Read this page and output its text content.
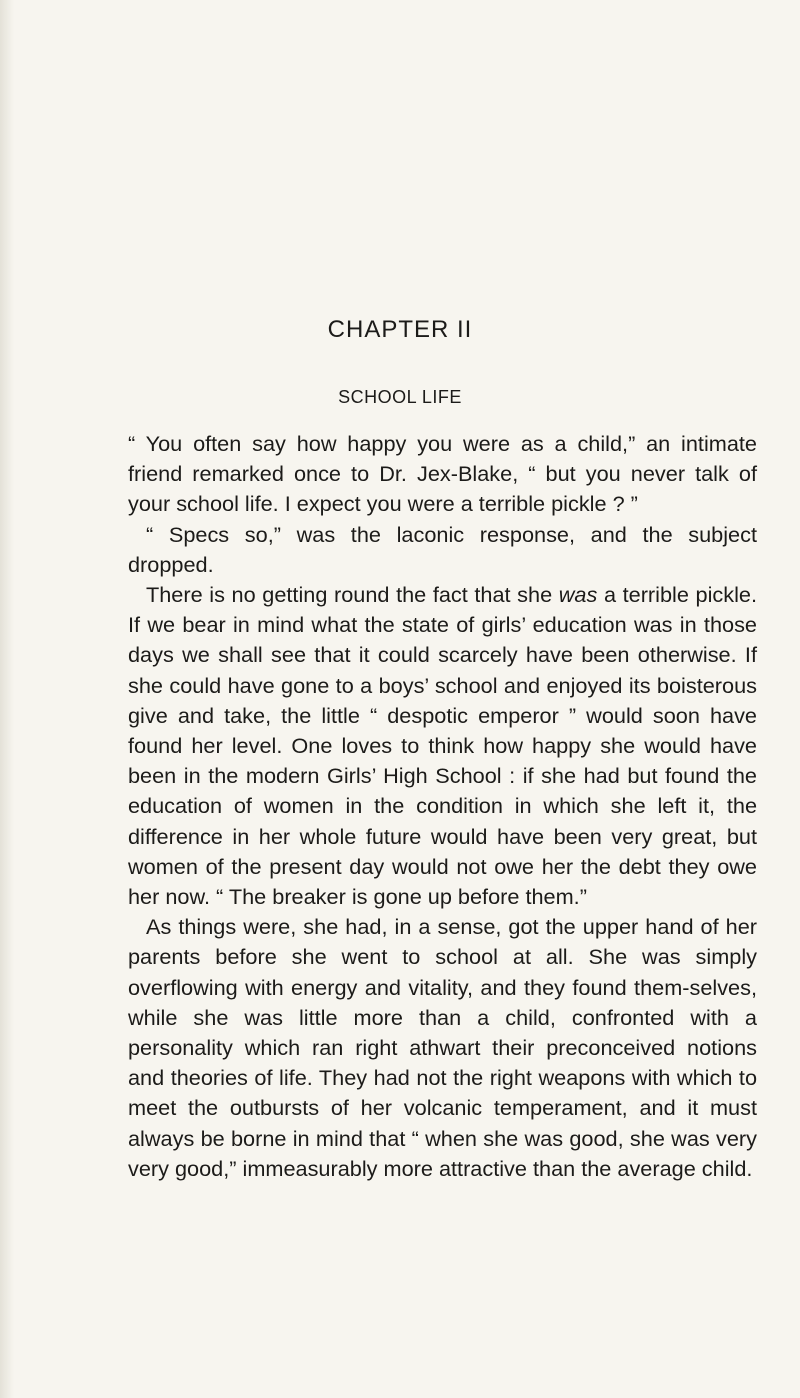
CHAPTER II
SCHOOL LIFE

“ You often say how happy you were as a child,” an intimate friend remarked once to Dr. Jex-Blake, “ but you never talk of your school life. I expect you were a terrible pickle ? ”

“ Specs so,” was the laconic response, and the subject dropped.

There is no getting round the fact that she was a terrible pickle. If we bear in mind what the state of girls’ education was in those days we shall see that it could scarcely have been otherwise. If she could have gone to a boys’ school and enjoyed its boisterous give and take, the little “ despotic emperor ” would soon have found her level. One loves to think how happy she would have been in the modern Girls’ High School : if she had but found the education of women in the condition in which she left it, the difference in her whole future would have been very great, but women of the present day would not owe her the debt they owe her now. “ The breaker is gone up before them.”

As things were, she had, in a sense, got the upper hand of her parents before she went to school at all. She was simply overflowing with energy and vitality, and they found them-selves, while she was little more than a child, confronted with a personality which ran right athwart their preconceived notions and theories of life. They had not the right weapons with which to meet the outbursts of her volcanic temperament, and it must always be borne in mind that “ when she was good, she was very very good,” immeasurably more attractive than the average child.
